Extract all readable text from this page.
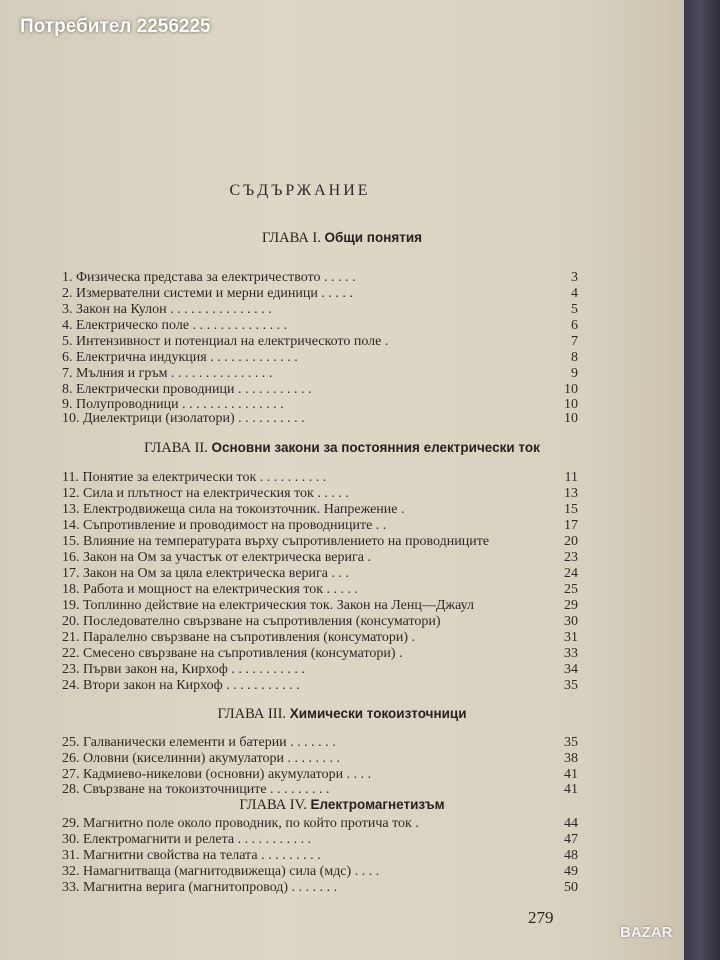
СЪДЪРЖАНИЕ
ГЛАВА I. Общи понятия
1. Физическа представа за електричеството . . . . .	3
2. Измервателни системи и мерни единици . . . . .	4
3. Закон на Кулон . . . . . . . . . . . . . . .	5
4. Електрическо поле . . . . . . . . . . . . . .	6
5. Интензивност и потенциал на електрическото поле .	7
6. Електрична индукция . . . . . . . . . . . . .	8
7. Мълния и гръм . . . . . . . . . . . . . . .	9
8. Електрически проводници . . . . . . . . . . .	10
9. Полупроводници . . . . . . . . . . . . . . .	10
10. Диелектрици (изолатори) . . . . . . . . . .	10
ГЛАВА II. Основни закони за постоянния електрически ток
11. Понятие за електрически ток . . . . . . . . . .	11
12. Сила и плътност на електрическия ток . . . . .	13
13. Електродвижеща сила на токоизточник. Напрежение .	15
14. Съпротивление и проводимост на проводниците . .	17
15. Влияние на температурата върху съпротивлението на проводниците	20
16. Закон на Ом за участък от електрическа верига .	23
17. Закон на Ом за цяла електрическа верига . . .	24
18. Работа и мощност на електрическия ток . . . . .	25
19. Топлинно действие на електрическия ток. Закон на Ленц—Джаул	29
20. Последователно свързване на съпротивления (консуматори)	30
21. Паралелно свързване на съпротивления (консуматори) .	31
22. Смесено свързване на съпротивления (консуматори) .	33
23. Първи закон на, Кирхоф . . . . . . . . . . .	34
24. Втори закон на Кирхоф . . . . . . . . . . .	35
ГЛАВА III. Химически токоизточници
25. Галванически елементи и батерии . . . . . . .	35
26. Оловни (киселинни) акумулатори . . . . . . . .	38
27. Кадмиево-никелови (основни) акумулатори . . . .	41
28. Свързване на токоизточниците . . . . . . . . .	41
ГЛАВА IV. Електромагнетизъм
29. Магнитно поле около проводник, по който протича ток .	44
30. Електромагнити и релета . . . . . . . . . . .	47
31. Магнитни свойства на телата . . . . . . . . .	48
32. Намагнитваща (магнитодвижеща) сила (мдс) . . . .	49
33. Магнитна верига (магнитопровод) . . . . . . .	50
279
Потребител 2256225
BAZAR
